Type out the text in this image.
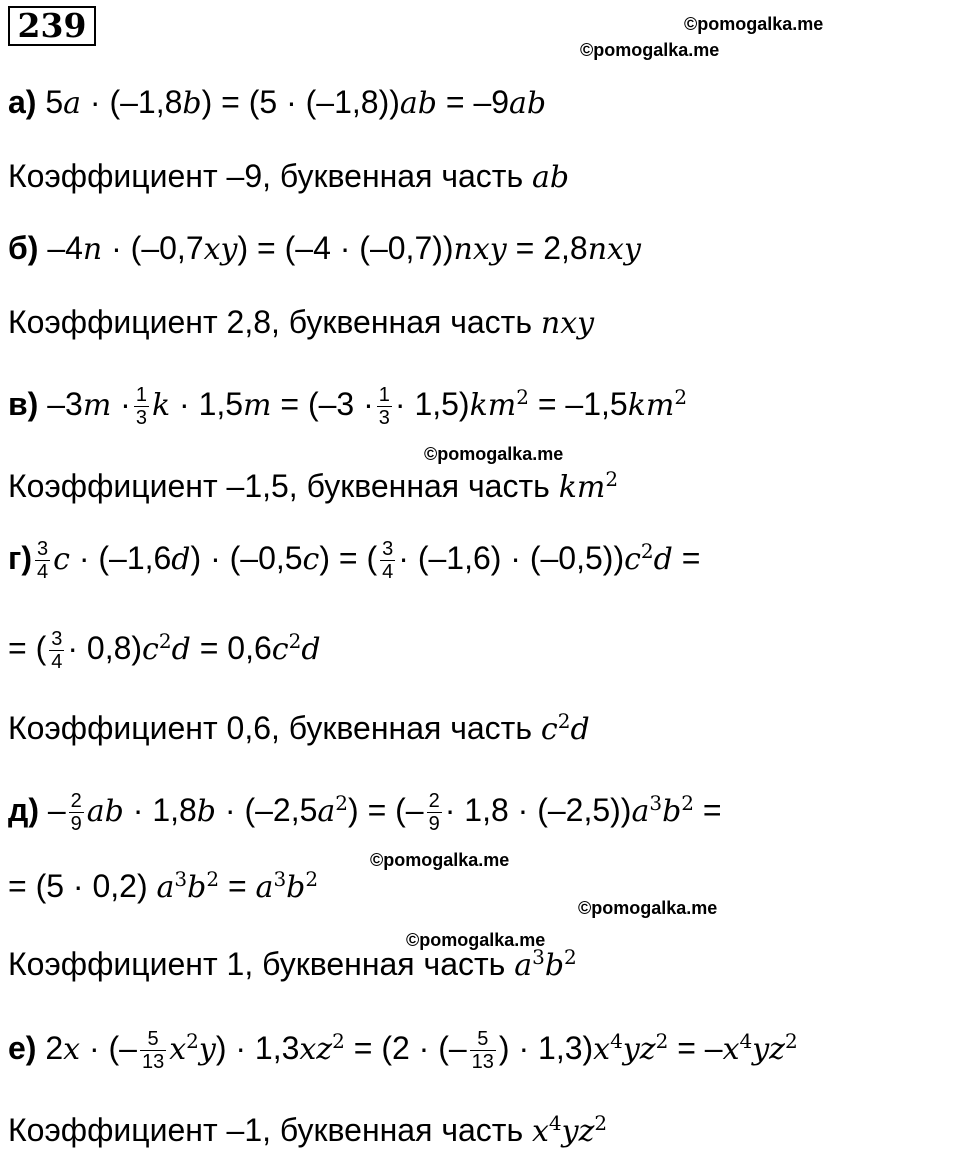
239	©pomogalka.me
©pomogalka.me
©pomogalka.me
©pomogalka.me
©pomogalka.me
©pomogalka.me
а) 5a · (–1,8b) = (5 · (–1,8))ab = –9ab
Коэффициент –9, буквенная часть ab
б) –4n · (–0,7xy) = (–4 · (–0,7))nxy = 2,8nxy
Коэффициент 2,8, буквенная часть nxy
в) $-3m \cdot \frac{1}{3}$ $k \cdot 1,5m = (-3 \cdot \frac{1}{3} \cdot 1,5)km^2 = -1,5km^2$
Коэффициент –1,5, буквенная часть $km^2$
$г) \frac{3}{4}$ c · (–1,6d) · (–0,5c) = ( $\frac{3}{4} \cdot (-1,6) \cdot (-0,5))c^2d$ =
= ( $\frac{3}{4} \cdot 0,8)c^2d = 0,6c^2d$
Коэффициент 0,6, буквенная часть $c^2d$
$д) - \frac{2}{9}$ ab · $1,8b \cdot (-2,5a^2)$ = (– $\frac{2}{9} \cdot 1,8 \cdot (-2,5))a^3b^2$ =
= (5 · 0,2) $a^3b^2 = a^3b^2$
Коэффициент 1, буквенная часть $a^3b^2$
е) 2x · (– $\frac{5}{13} x^2y) \cdot 1,3xz^2 = (2$ · (– $\frac{5}{13}$ ) · $1,3)x^4yz^2 = -x^4yz^2$
Коэффициент –1, буквенная часть $x^4yz^2$
